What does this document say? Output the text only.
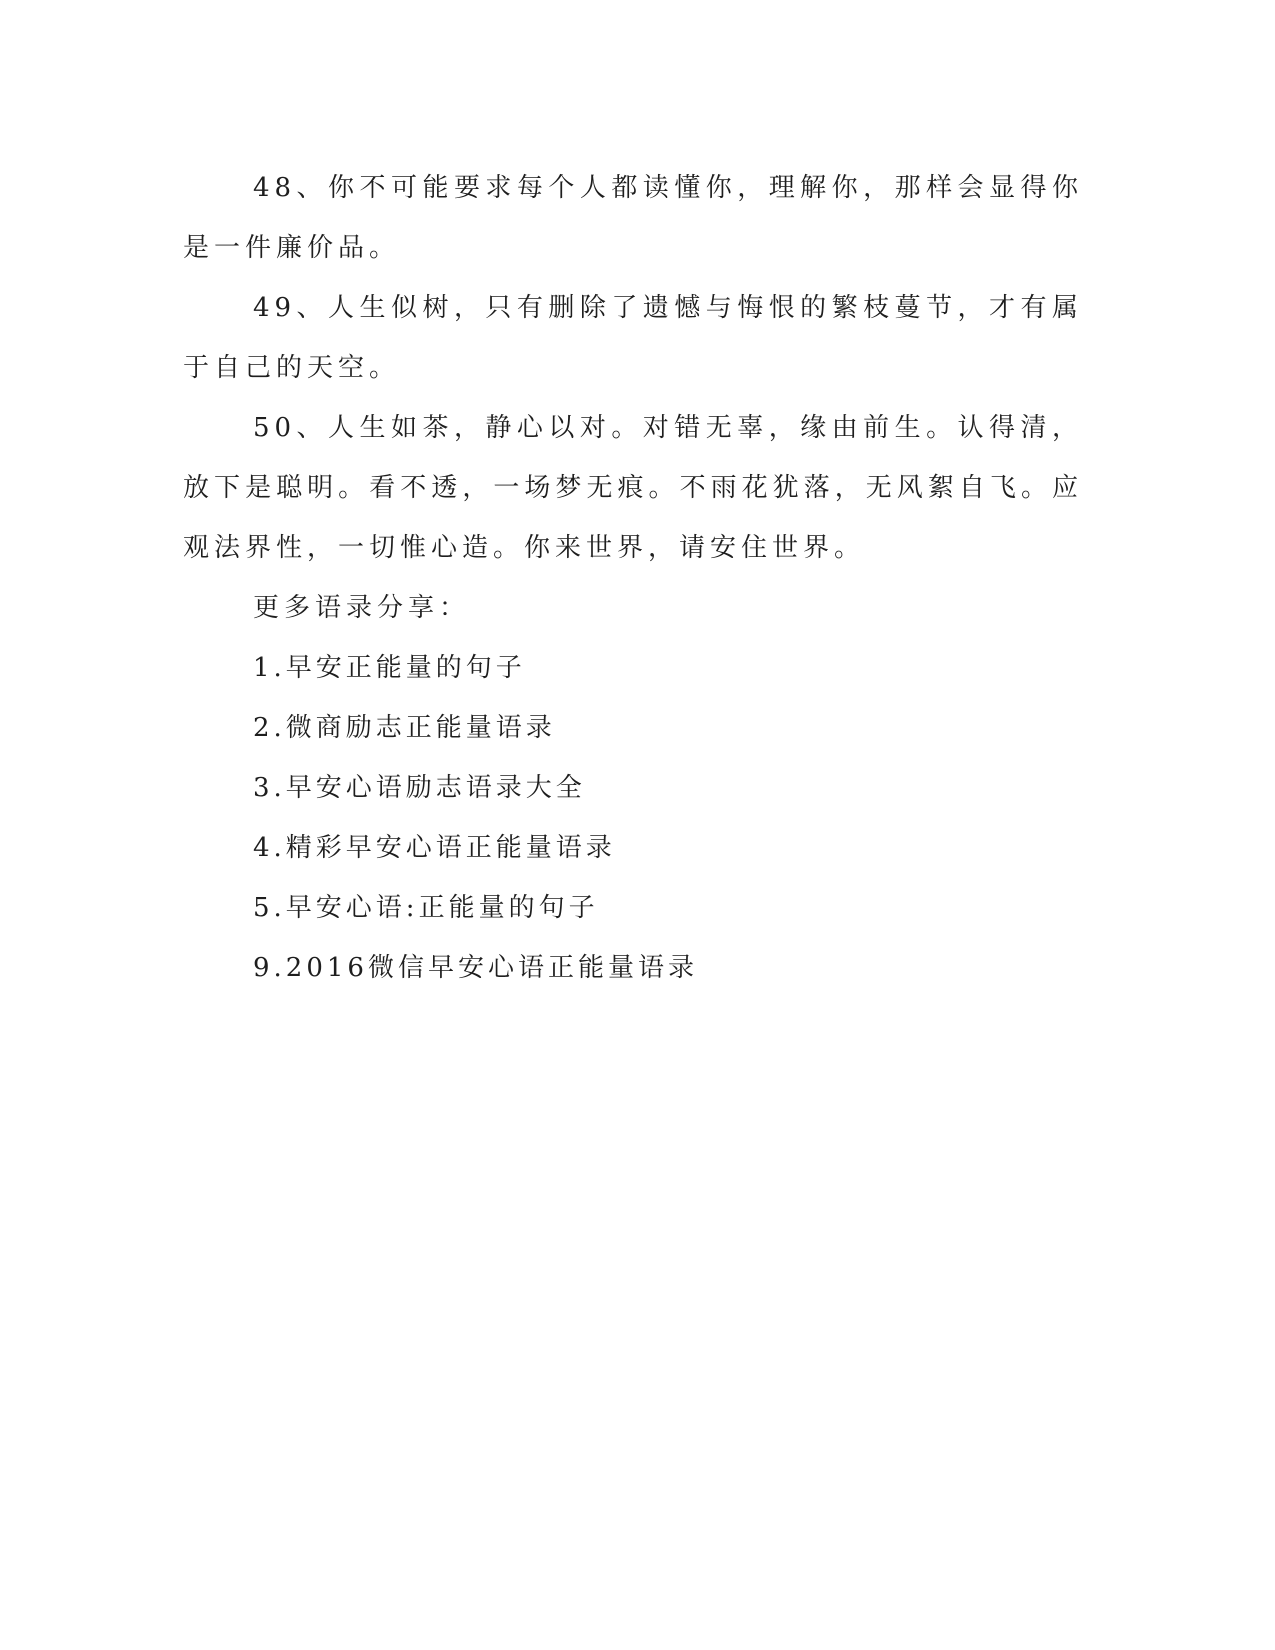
48、你不可能要求每个人都读懂你，理解你，那样会显得你是一件廉价品。

49、人生似树，只有删除了遗憾与悔恨的繁枝蔓节，才有属于自己的天空。

50、人生如茶，静心以对。对错无辜，缘由前生。认得清，放下是聪明。看不透，一场梦无痕。不雨花犹落，无风絮自飞。应观法界性，一切惟心造。你来世界，请安住世界。

更多语录分享：

1.早安正能量的句子
2.微商励志正能量语录
3.早安心语励志语录大全
4.精彩早安心语正能量语录
5.早安心语:正能量的句子
9.2016微信早安心语正能量语录
